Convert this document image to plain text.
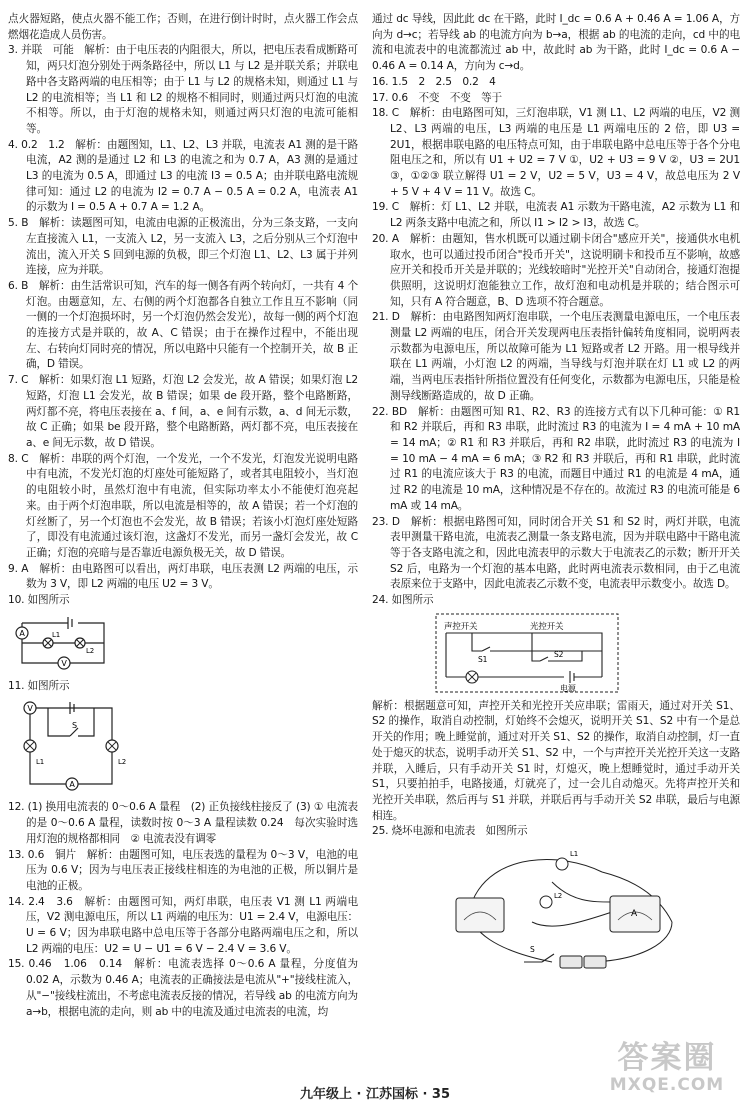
点火器短路，使点火器不能工作；否则，在进行倒计时时，点火器工作会点燃烟花造成人员伤害。

3. 并联　可能　解析：由于电压表的内阻很大，所以，把电压表看成断路可知，两只灯泡分别处于两条路径中，所以 L1 与 L2 是并联关系；并联电路中各支路两端的电压相等；由于 L1 与 L2 的规格未知，则通过 L1 与 L2 的电流相等；当 L1 和 L2 的规格不相同时，则通过两只灯泡的电流不相等。所以，由于灯泡的规格未知，则通过两只灯泡的电流可能相等。

4. 0.2　1.2　解析：由题图知，L1、L2、L3 并联，电流表 A1 测的是干路电流，A2 测的是通过 L2 和 L3 的电流之和为 0.7 A，A3 测的是通过 L3 的电流为 0.5 A，即通过 L3 的电流 I3 = 0.5 A；由并联电路电流规律可知：通过 L2 的电流为 I2 = 0.7 A − 0.5 A = 0.2 A，电流表 A1 的示数为 I = 0.5 A + 0.7 A = 1.2 A。

5. B　解析：读题图可知，电流由电源的正极流出，分为三条支路，一支向左直接流入 L1，一支流入 L2，另一支流入 L3，之后分别从三个灯泡中流出，流入开关 S 回到电源的负极，即三个灯泡 L1、L2、L3 属于并列连接，应为并联。

6. B　解析：由生活常识可知，汽车的每一侧各有两个转向灯，一共有 4 个灯泡。由题意知，左、右侧的两个灯泡都各自独立工作且互不影响（同一侧的一个灯泡损坏时，另一个灯泡仍然会发光），故每一侧的两个灯泡的连接方式是并联的，故 A、C 错误；由于在操作过程中，不能出现左、右转向灯同时亮的情况，所以电路中只能有一个控制开关，故 B 正确，D 错误。

7. C　解析：如果灯泡 L1 短路，灯泡 L2 会发光，故 A 错误；如果灯泡 L2 短路，灯泡 L1 会发光，故 B 错误；如果 de 段开路，整个电路断路，两灯都不亮，将电压表接在 a、f 间，a、e 间有示数，a、d 间无示数，故 C 正确；如果 be 段开路，整个电路断路，两灯都不亮，电压表接在 a、e 间无示数，故 D 错误。

8. C　解析：串联的两个灯泡，一个发光，一个不发光，灯泡发光说明电路中有电流，不发光灯泡的灯座处可能短路了，或者其电阻较小，当灯泡的电阻较小时，虽然灯泡中有电流，但实际功率太小不能使灯泡亮起来。由于两个灯泡串联，所以电流是相等的，故 A 错误；若一个灯泡的灯丝断了，另一个灯泡也不会发光，故 B 错误；若该小灯泡灯座处短路了，即没有电流通过该灯泡，这盏灯不发光，而另一盏灯会发光，故 C 正确；灯泡的亮暗与是否靠近电源负极无关，故 D 错误。

9. A　解析：由电路图可以看出，两灯串联，电压表测 L2 两端的电压，示数为 3 V，即 L2 两端的电压 U2 = 3 V。

10. 如图所示

A	L1
L2
V

11. 如图所示

V
S
L1	L2
A

12. (1) 换用电流表的 0～0.6 A 量程　(2) 正负接线柱接反了 (3) ① 电流表的是 0～0.6 A 量程，读数时按 0～3 A 量程读数 0.24　每次实验时选用灯泡的规格都相同　② 电流表没有调零

13. 0.6　铜片　解析：由题图可知，电压表选的量程为 0～3 V，电池的电压为 0.6 V；因为与电压表正接线柱相连的为电池的正极，所以铜片是电池的正极。

14. 2.4　3.6　解析：由题图可知，两灯串联，电压表 V1 测 L1 两端电压，V2 测电源电压，所以 L1 两端的电压为：U1 = 2.4 V，电源电压：U = 6 V；因为串联电路中总电压等于各部分电路两端电压之和，所以 L2 两端的电压：U2 = U − U1 = 6 V − 2.4 V = 3.6 V。

15. 0.46　1.06　0.14　解析：电流表选择 0～0.6 A 量程，分度值为 0.02 A，示数为 0.46 A；电流表的正确接法是电流从"+"接线柱流入，从"−"接线柱流出，不考虑电流表反接的情况，若导线 ab 的电流方向为 a→b，根据电流的走向，则 ab 中的电流及通过电流表的电流，均

通过 dc 导线，因此此 dc 在干路，此时 I_dc = 0.6 A + 0.46 A = 1.06 A，方向为 d→c；若导线 ab 的电流方向为 b→a，根据 ab 的电流的走向，cd 中的电流和电流表中的电流都流过 ab 中，故此时 ab 为干路，此时 I_dc = 0.6 A − 0.46 A = 0.14 A，方向为 c→d。

16. 1.5　2　2.5　0.2　4

17. 0.6　不变　不变　等于

18. C　解析：由电路图可知，三灯泡串联，V1 测 L1、L2 两端的电压，V2 测 L2、L3 两端的电压，L3 两端的电压是 L1 两端电压的 2 倍，即 U3 = 2U1，根据串联电路的电压特点可知，由于串联电路中总电压等于各个分电阻电压之和，所以有 U1 + U2 = 7 V ①，U2 + U3 = 9 V ②，U3 = 2U1 ③，①②③ 联立解得 U1 = 2 V，U2 = 5 V，U3 = 4 V，故总电压为 2 V + 5 V + 4 V = 11 V。故选 C。

19. C　解析：灯 L1、L2 并联，电流表 A1 示数为干路电流，A2 示数为 L1 和 L2 两条支路中电流之和，所以 I1 > I2 > I3，故选 C。

20. A　解析：由题知，售水机既可以通过刷卡闭合"感应开关"，接通供水电机取水，也可以通过投币闭合"投币开关"，这说明刷卡和投币互不影响，故感应开关和投币开关是并联的；光线较暗时"光控开关"自动闭合，接通灯泡提供照明，这说明灯泡能独立工作，故灯泡和电动机是并联的；结合图示可知，只有 A 符合题意，B、D 选项不符合题意。

21. D　解析：由电路图知两灯泡串联，一个电压表测量电源电压，一个电压表测量 L2 两端的电压，闭合开关发现两电压表指针偏转角度相同，说明两表示数都为电源电压，所以故障可能为 L1 短路或者 L2 开路。用一根导线并联在 L1 两端，小灯泡 L2 的两端，当导线与灯泡并联在灯 L1 或 L2 的两端，当两电压表指针所指位置没有任何变化，示数都为电源电压，只能是检测导线断路造成的，故 D 正确。

22. BD　解析：由题图可知 R1、R2、R3 的连接方式有以下几种可能：① R1 和 R2 并联后，再和 R3 串联，此时流过 R3 的电流为 I = 4 mA + 10 mA = 14 mA；② R1 和 R3 并联后，再和 R2 串联，此时流过 R3 的电流为 I = 10 mA − 4 mA = 6 mA；③ R2 和 R3 并联后，再和 R1 串联，此时流过 R1 的电流应该大于 R3 的电流，而题目中通过 R1 的电流是 4 mA，通过 R2 的电流是 10 mA，这种情况是不存在的。故流过 R3 的电流可能是 6 mA 或 14 mA。

23. D　解析：根据电路图可知，同时闭合开关 S1 和 S2 时，两灯并联，电流表甲测量干路电流，电流表乙测量一条支路电流，因为并联电路中干路电流等于各支路电流之和，因此电流表甲的示数大于电流表乙的示数；断开开关 S2 后，电路为一个灯泡的基本电路，此时两电流表示数相同，由于乙电流表原来位于支路中，因此电流表乙示数不变，电流表甲示数变小。故选 D。

24. 如图所示

声控开关	光控开关
S1
S2
电源

解析：根据题意可知，声控开关和光控开关应串联；雷雨天，通过对开关 S1、S2 的操作，取消自动控制，灯始终不会熄灭，说明开关 S1、S2 中有一个是总开关的作用；晚上睡觉前，通过对开关 S1、S2 的操作，取消自动控制，灯一直处于熄灭的状态，说明手动开关 S1、S2 中，一个与声控开关光控开关这一支路并联，入睡后，只有手动开关 S1 时，灯熄灭，晚上想睡觉时，通过手动开关 S1，只要拍拍手，电路接通，灯就亮了，过一会儿自动熄灭。先将声控开关和光控开关串联，然后再与 S1 并联，并联后再与手动开关 S2 串联，最后与电源相连。

25. 烧坏电源和电流表　如图所示

A
L1
L2
S
九年级上 · 江苏国标 · 35
答案圈
MXQE.COM
